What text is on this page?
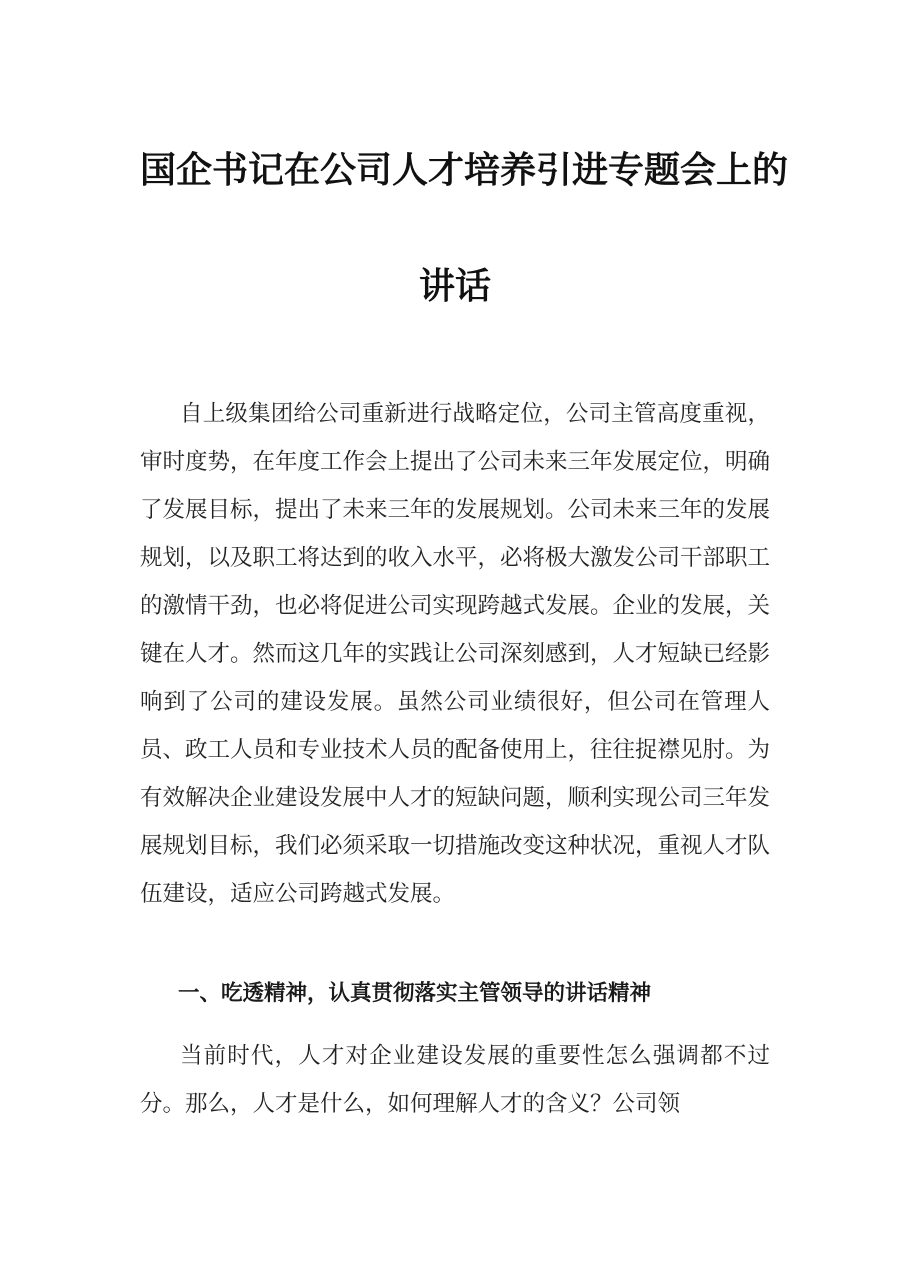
国企书记在公司人才培养引进专题会上的
讲话

自上级集团给公司重新进行战略定位，公司主管高度重视，审时度势，在年度工作会上提出了公司未来三年发展定位，明确了发展目标，提出了未来三年的发展规划。公司未来三年的发展规划，以及职工将达到的收入水平，必将极大激发公司干部职工的激情干劲，也必将促进公司实现跨越式发展。企业的发展，关键在人才。然而这几年的实践让公司深刻感到，人才短缺已经影响到了公司的建设发展。虽然公司业绩很好，但公司在管理人员、政工人员和专业技术人员的配备使用上，往往捉襟见肘。为有效解决企业建设发展中人才的短缺问题，顺利实现公司三年发展规划目标，我们必须采取一切措施改变这种状况，重视人才队伍建设，适应公司跨越式发展。

一、吃透精神，认真贯彻落实主管领导的讲话精神

当前时代，人才对企业建设发展的重要性怎么强调都不过分。那么，人才是什么，如何理解人才的含义？公司领
